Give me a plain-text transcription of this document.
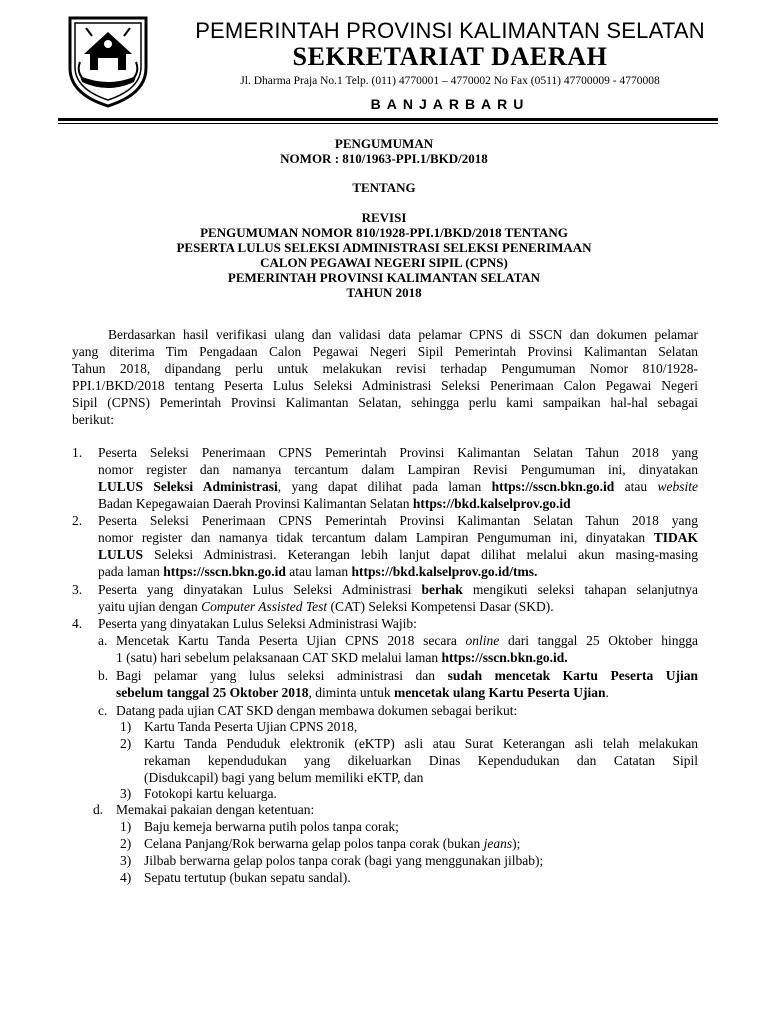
PEMERINTAH PROVINSI KALIMANTAN SELATAN
SEKRETARIAT DAERAH
Jl. Dharma Praja No.1 Telp. (011) 4770001 – 4770002 No Fax (0511) 47700009 - 4770008
BANJARBARU
PENGUMUMAN
NOMOR : 810/1963-PPI.1/BKD/2018
TENTANG
REVISI
PENGUMUMAN NOMOR 810/1928-PPI.1/BKD/2018 TENTANG
PESERTA LULUS SELEKSI ADMINISTRASI SELEKSI PENERIMAAN
CALON PEGAWAI NEGERI SIPIL (CPNS)
PEMERINTAH PROVINSI KALIMANTAN SELATAN
TAHUN 2018
Berdasarkan hasil verifikasi ulang dan validasi data pelamar CPNS di SSCN dan dokumen pelamar
yang diterima Tim Pengadaan Calon Pegawai Negeri Sipil Pemerintah Provinsi Kalimantan Selatan
Tahun 2018, dipandang perlu untuk melakukan revisi terhadap Pengumuman Nomor 810/1928-
PPI.1/BKD/2018 tentang Peserta Lulus Seleksi Administrasi Seleksi Penerimaan Calon Pegawai Negeri
Sipil (CPNS) Pemerintah Provinsi Kalimantan Selatan, sehingga perlu kami sampaikan hal-hal sebagai
berikut:
1. Peserta Seleksi Penerimaan CPNS Pemerintah Provinsi Kalimantan Selatan Tahun 2018 yang
nomor register dan namanya tercantum dalam Lampiran Revisi Pengumuman ini, dinyatakan
LULUS Seleksi Administrasi, yang dapat dilihat pada laman https://sscn.bkn.go.id atau website
Badan Kepegawaian Daerah Provinsi Kalimantan Selatan https://bkd.kalselprov.go.id
2. Peserta Seleksi Penerimaan CPNS Pemerintah Provinsi Kalimantan Selatan Tahun 2018 yang
nomor register dan namanya tidak tercantum dalam Lampiran Pengumuman ini, dinyatakan TIDAK
LULUS Seleksi Administrasi. Keterangan lebih lanjut dapat dilihat melalui akun masing-masing
pada laman https://sscn.bkn.go.id atau laman https://bkd.kalselprov.go.id/tms.
3. Peserta yang dinyatakan Lulus Seleksi Administrasi berhak mengikuti seleksi tahapan selanjutnya
yaitu ujian dengan Computer Assisted Test (CAT) Seleksi Kompetensi Dasar (SKD).
4. Peserta yang dinyatakan Lulus Seleksi Administrasi Wajib:
a. Mencetak Kartu Tanda Peserta Ujian CPNS 2018 secara online dari tanggal 25 Oktober hingga
1 (satu) hari sebelum pelaksanaan CAT SKD melalui laman https://sscn.bkn.go.id.
b. Bagi pelamar yang lulus seleksi administrasi dan sudah mencetak Kartu Peserta Ujian
sebelum tanggal 25 Oktober 2018, diminta untuk mencetak ulang Kartu Peserta Ujian.
c. Datang pada ujian CAT SKD dengan membawa dokumen sebagai berikut:
1) Kartu Tanda Peserta Ujian CPNS 2018,
2) Kartu Tanda Penduduk elektronik (eKTP) asli atau Surat Keterangan asli telah melakukan
rekaman kependudukan yang dikeluarkan Dinas Kependudukan dan Catatan Sipil
(Disdukcapil) bagi yang belum memiliki eKTP, dan
3) Fotokopi kartu keluarga.
d. Memakai pakaian dengan ketentuan:
1) Baju kemeja berwarna putih polos tanpa corak;
2) Celana Panjang/Rok berwarna gelap polos tanpa corak (bukan jeans);
3) Jilbab berwarna gelap polos tanpa corak (bagi yang menggunakan jilbab);
4) Sepatu tertutup (bukan sepatu sandal).
